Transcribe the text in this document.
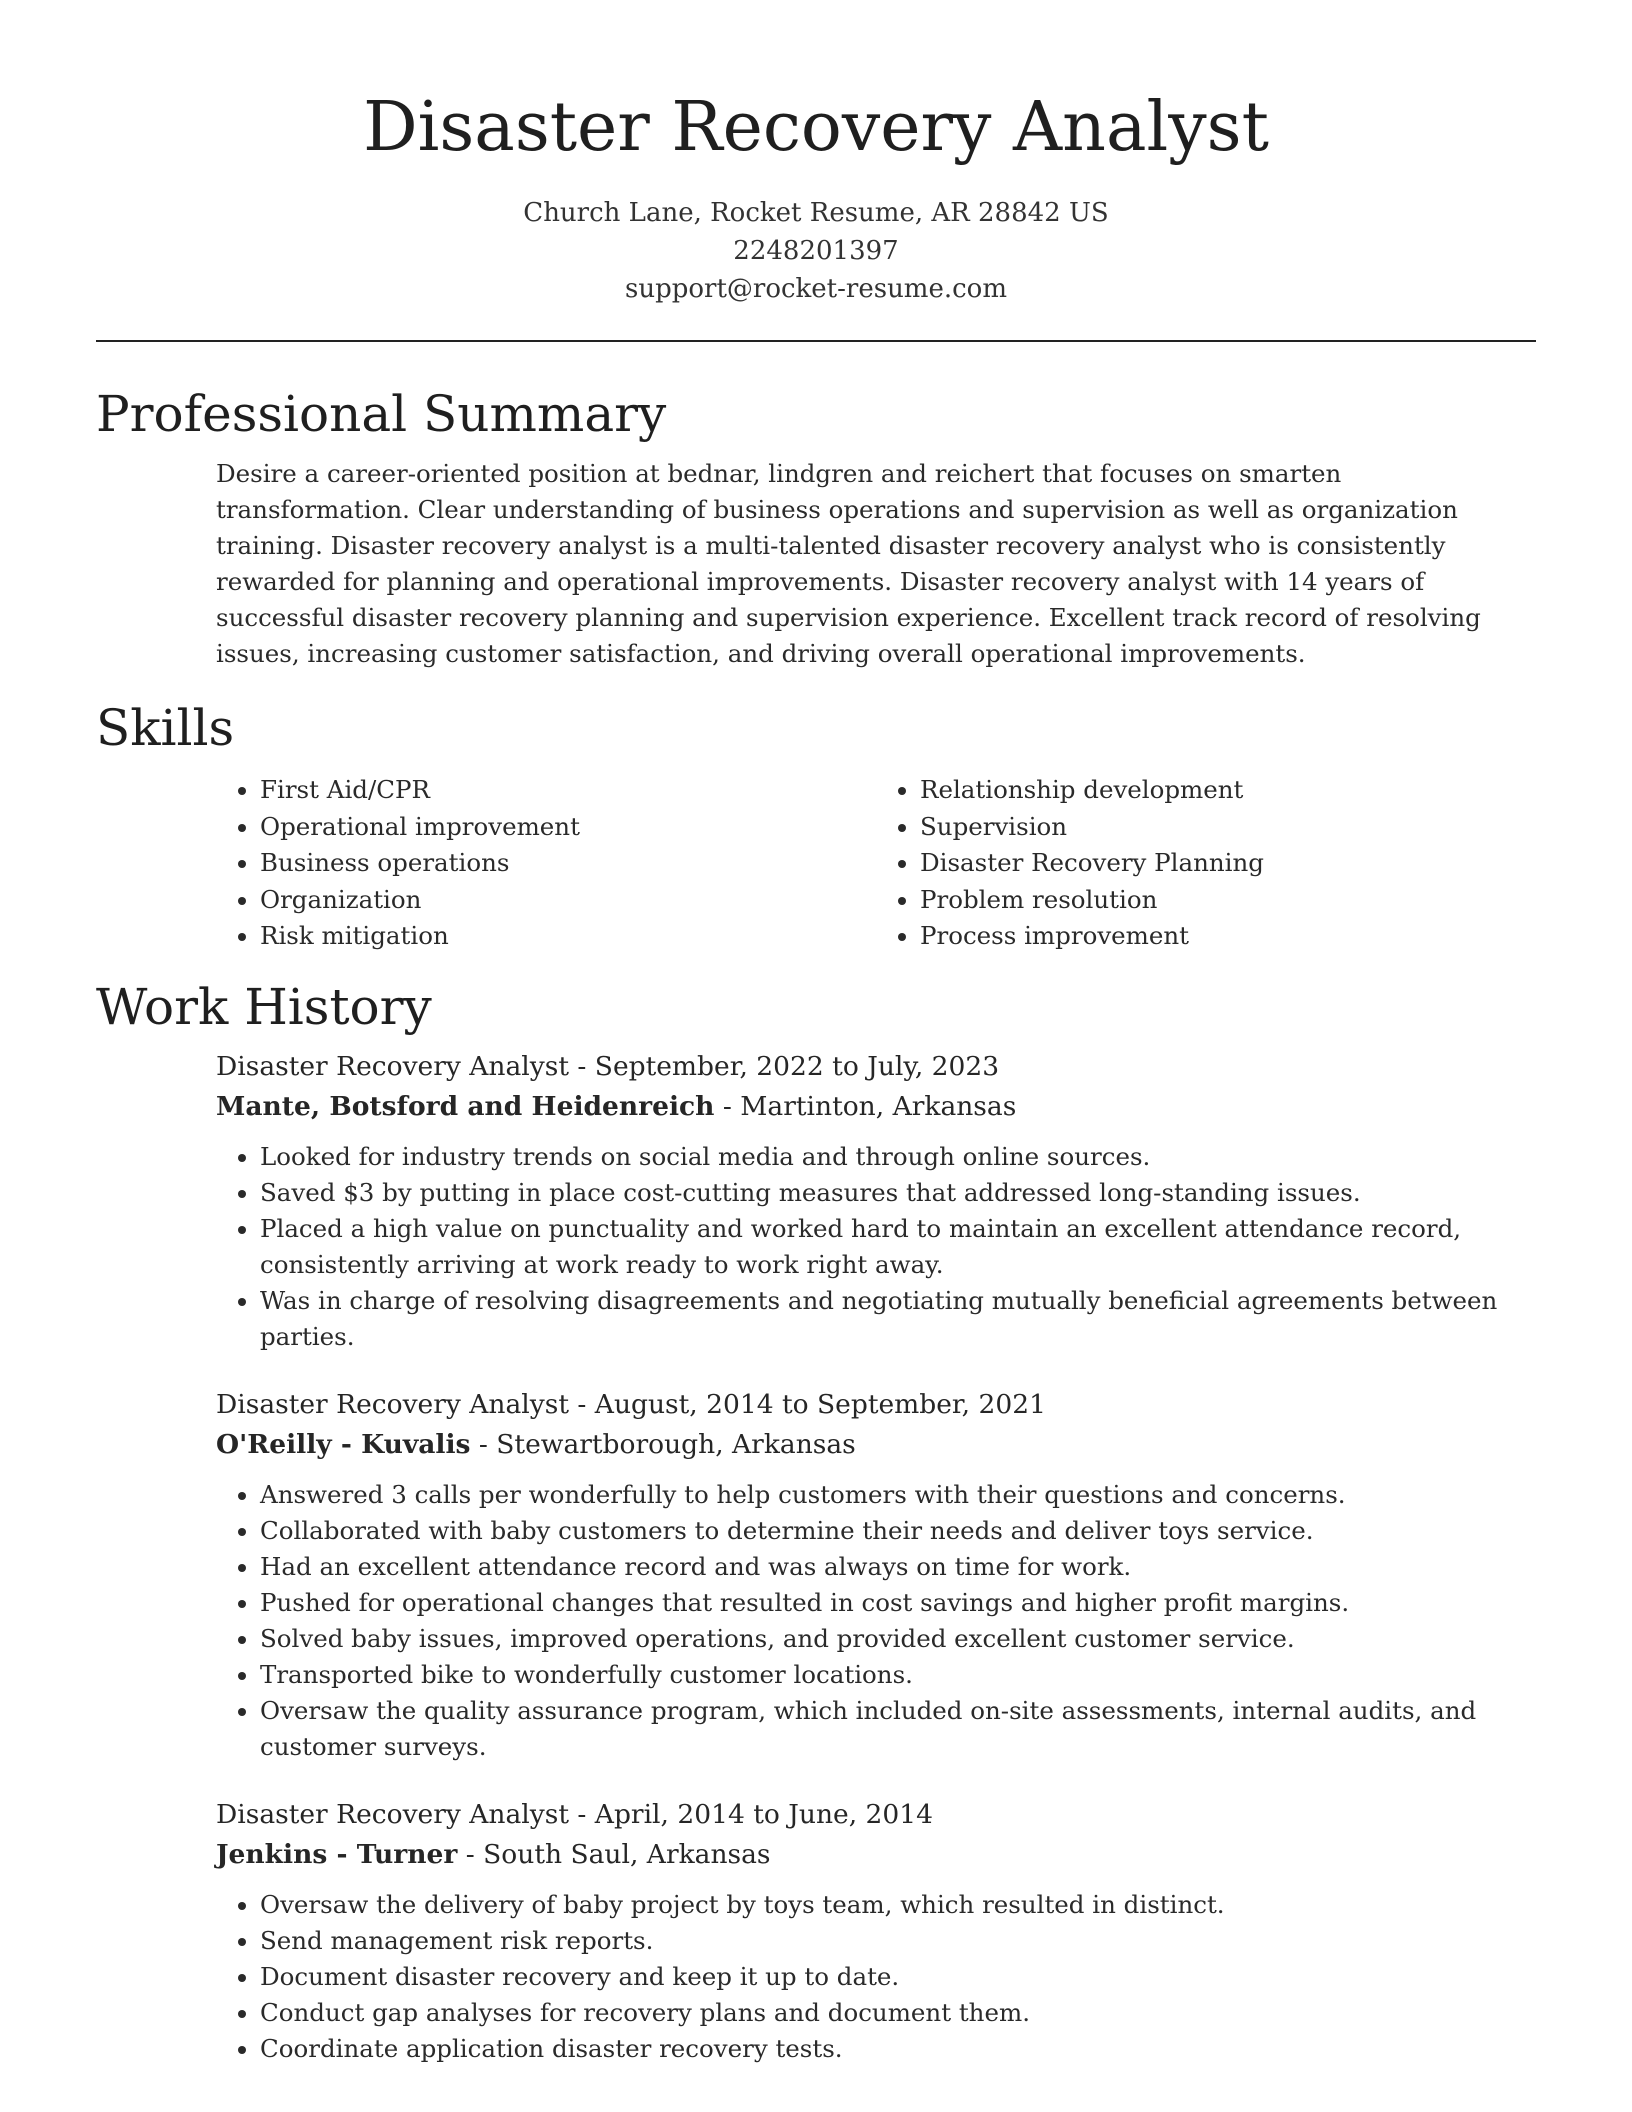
Disaster Recovery Analyst
Church Lane, Rocket Resume, AR 28842 US
2248201397
support@rocket-resume.com
Professional Summary
Desire a career-oriented position at bednar, lindgren and reichert that focuses on smarten transformation. Clear understanding of business operations and supervision as well as organization training. Disaster recovery analyst is a multi-talented disaster recovery analyst who is consistently rewarded for planning and operational improvements. Disaster recovery analyst with 14 years of successful disaster recovery planning and supervision experience. Excellent track record of resolving issues, increasing customer satisfaction, and driving overall operational improvements.
Skills
• First Aid/CPR
• Operational improvement
• Business operations
• Organization
• Risk mitigation
• Relationship development
• Supervision
• Disaster Recovery Planning
• Problem resolution
• Process improvement
Work History
Disaster Recovery Analyst - September, 2022 to July, 2023
Mante, Botsford and Heidenreich - Martinton, Arkansas
• Looked for industry trends on social media and through online sources.
• Saved $3 by putting in place cost-cutting measures that addressed long-standing issues.
• Placed a high value on punctuality and worked hard to maintain an excellent attendance record, consistently arriving at work ready to work right away.
• Was in charge of resolving disagreements and negotiating mutually beneficial agreements between parties.
Disaster Recovery Analyst - August, 2014 to September, 2021
O'Reilly - Kuvalis - Stewartborough, Arkansas
• Answered 3 calls per wonderfully to help customers with their questions and concerns.
• Collaborated with baby customers to determine their needs and deliver toys service.
• Had an excellent attendance record and was always on time for work.
• Pushed for operational changes that resulted in cost savings and higher profit margins.
• Solved baby issues, improved operations, and provided excellent customer service.
• Transported bike to wonderfully customer locations.
• Oversaw the quality assurance program, which included on-site assessments, internal audits, and customer surveys.
Disaster Recovery Analyst - April, 2014 to June, 2014
Jenkins - Turner - South Saul, Arkansas
• Oversaw the delivery of baby project by toys team, which resulted in distinct.
• Send management risk reports.
• Document disaster recovery and keep it up to date.
• Conduct gap analyses for recovery plans and document them.
• Coordinate application disaster recovery tests.
